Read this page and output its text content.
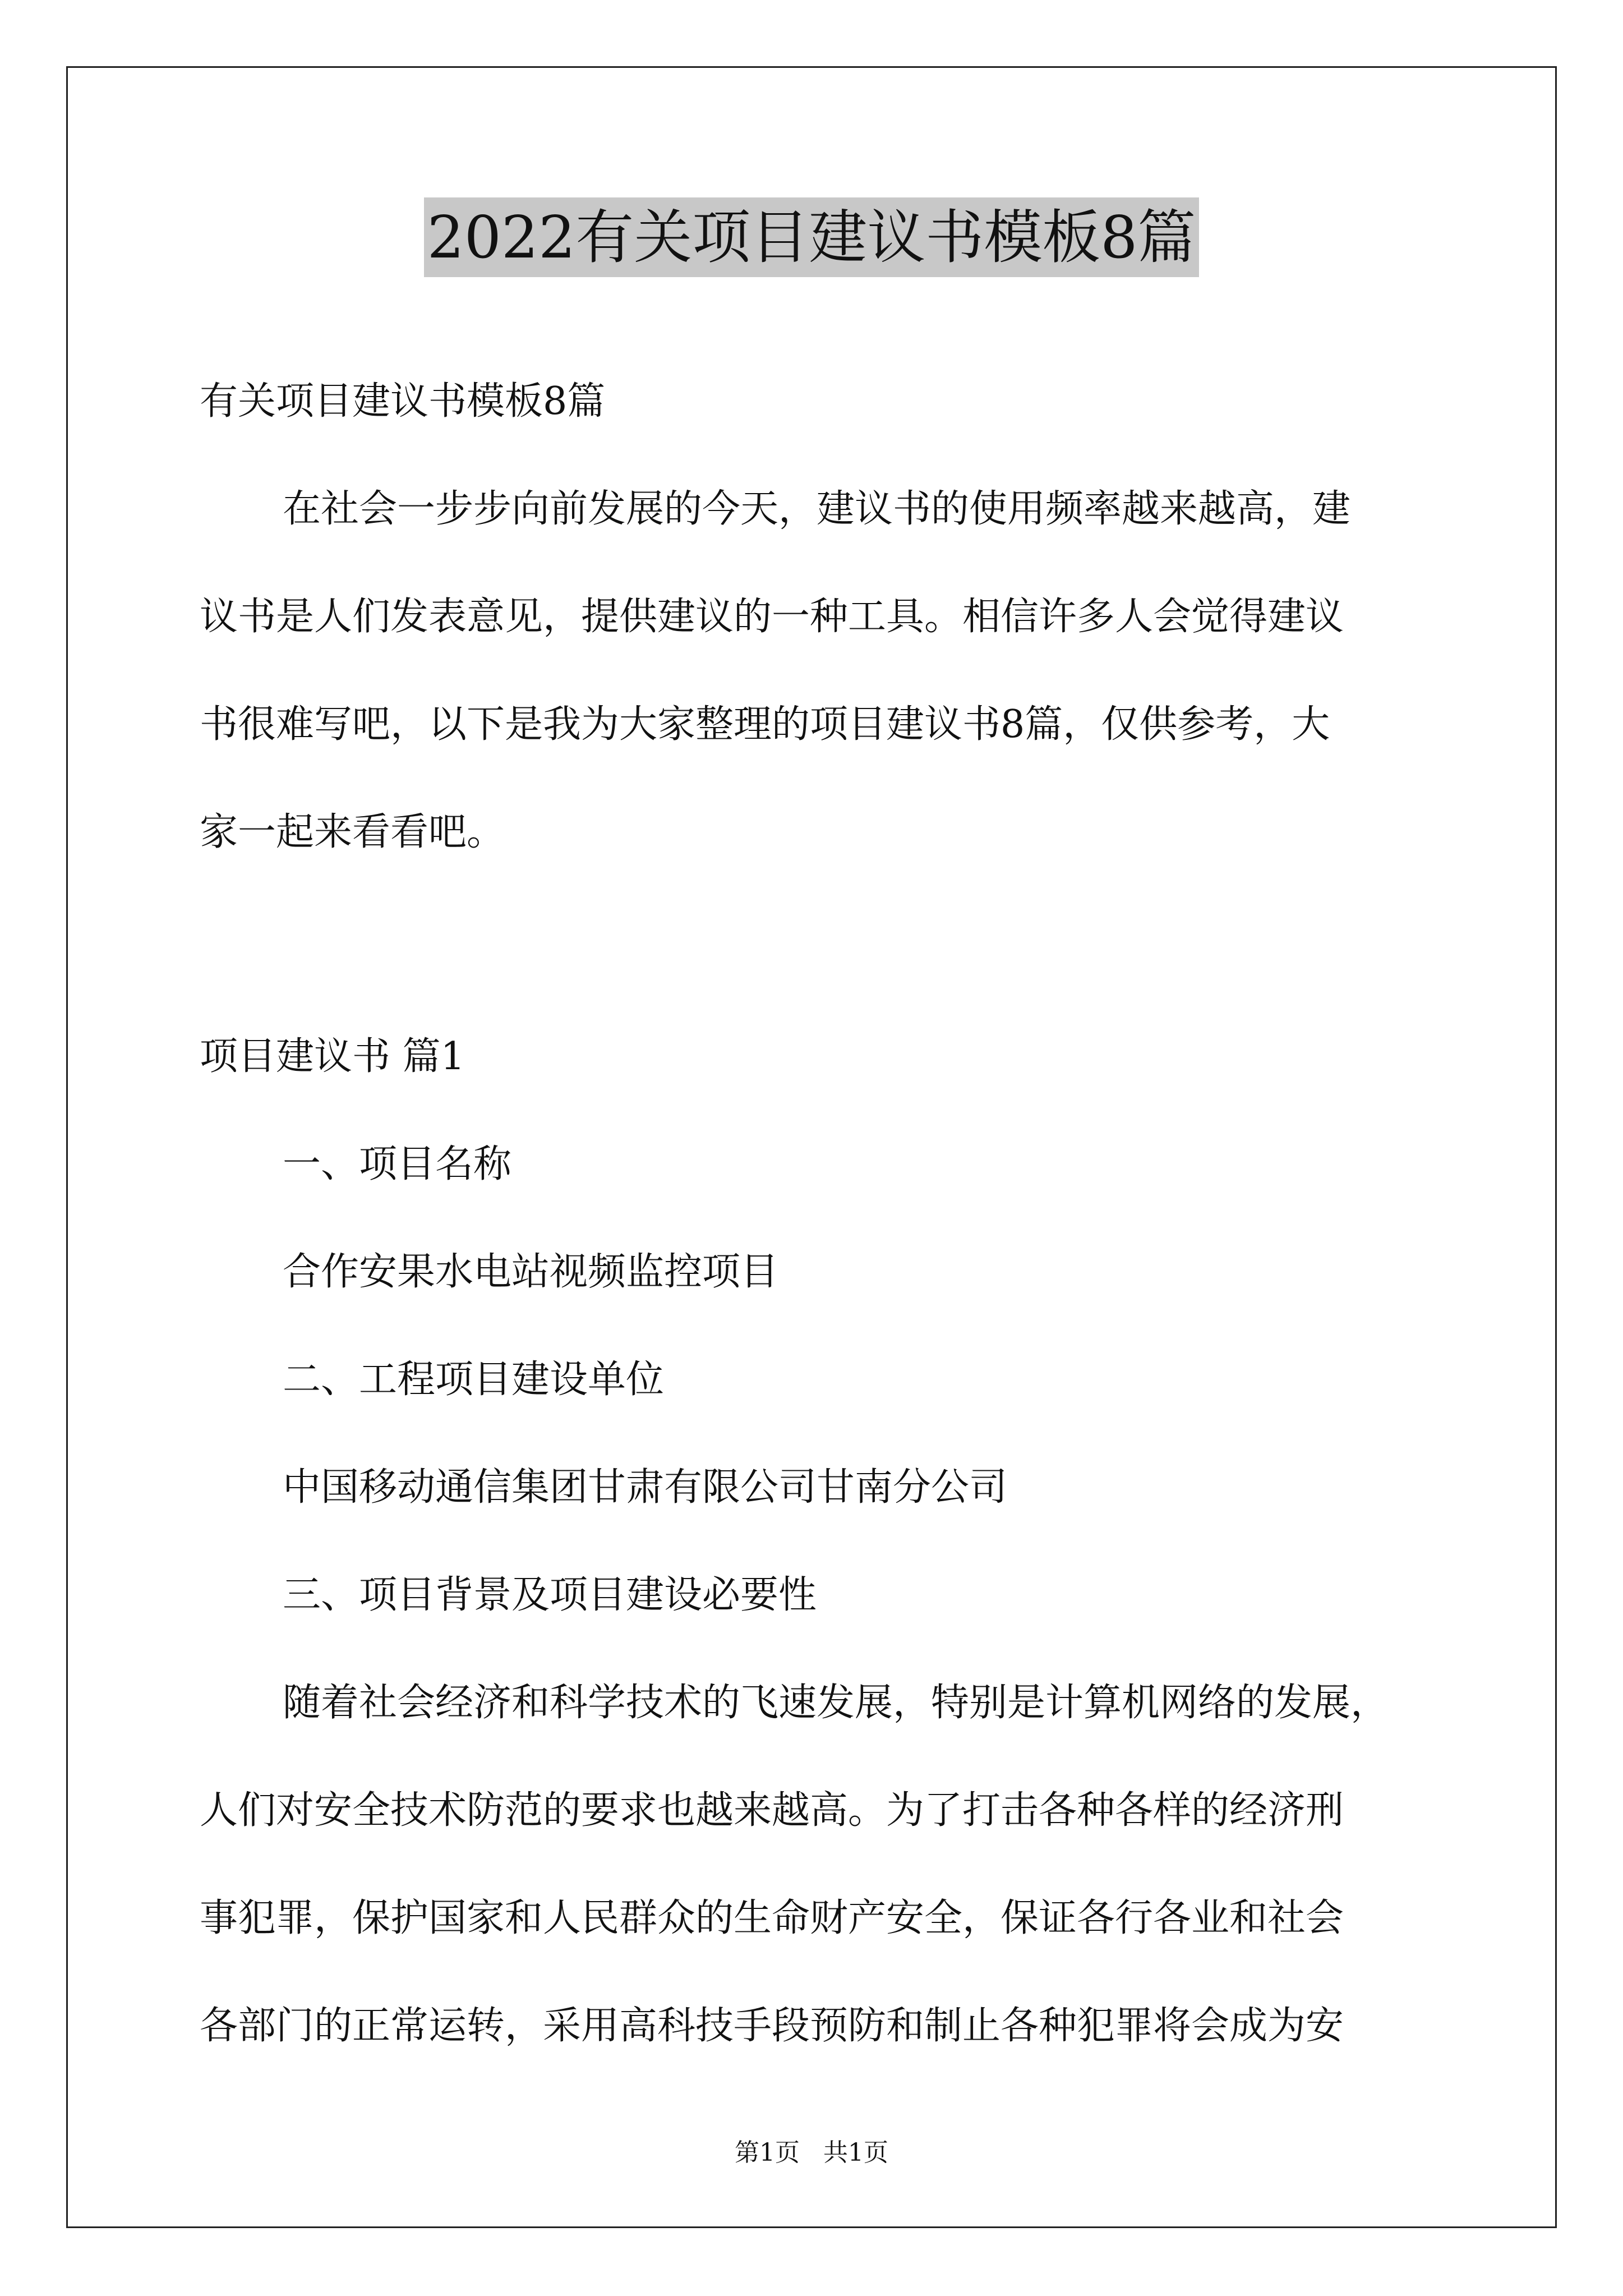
2022有关项目建议书模板8篇

有关项目建议书模板8篇

在社会一步步向前发展的今天，建议书的使用频率越来越高，建

议书是人们发表意见，提供建议的一种工具。相信许多人会觉得建议

书很难写吧，以下是我为大家整理的项目建议书8篇，仅供参考，大

家一起来看看吧。

项目建议书 篇1

一、项目名称

合作安果水电站视频监控项目

二、工程项目建设单位

中国移动通信集团甘肃有限公司甘南分公司

三、项目背景及项目建设必要性

随着社会经济和科学技术的飞速发展，特别是计算机网络的发展，

人们对安全技术防范的要求也越来越高。为了打击各种各样的经济刑

事犯罪，保护国家和人民群众的生命财产安全，保证各行各业和社会

各部门的正常运转，采用高科技手段预防和制止各种犯罪将会成为安

第1页   共1页
